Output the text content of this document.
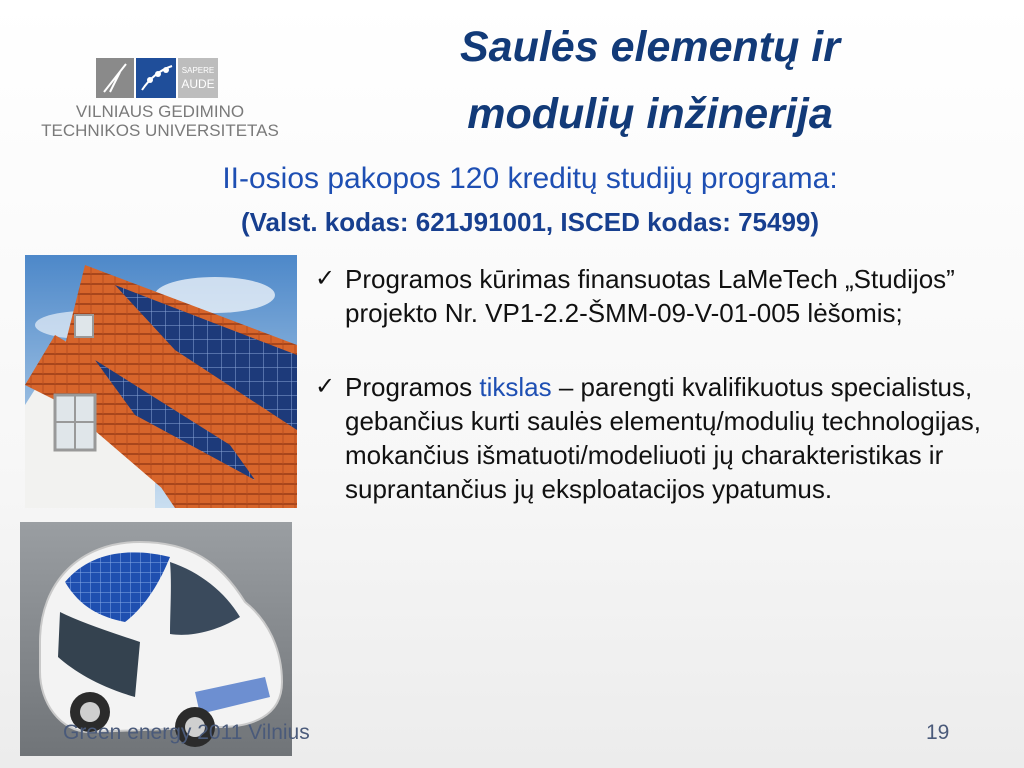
SAPERE
AUDE
VILNIAUS GEDIMINO
TECHNIKOS UNIVERSITETAS
Saulės elementų ir
modulių inžinerija
II-osios pakopos 120 kreditų studijų programa:
(Valst. kodas: 621J91001, ISCED kodas: 75499)
✓ Programos kūrimas finansuotas LaMeTech „Studijos” projekto Nr. VP1-2.2-ŠMM-09-V-01-005 lėšomis;
✓ Programos tikslas – parengti kvalifikuotus specialistus, gebančius kurti saulės elementų/modulių technologijas, mokančius išmatuoti/modeliuoti jų charakteristikas ir suprantančius jų eksploatacijos ypatumus.
Green energy 2011 Vilnius	19
